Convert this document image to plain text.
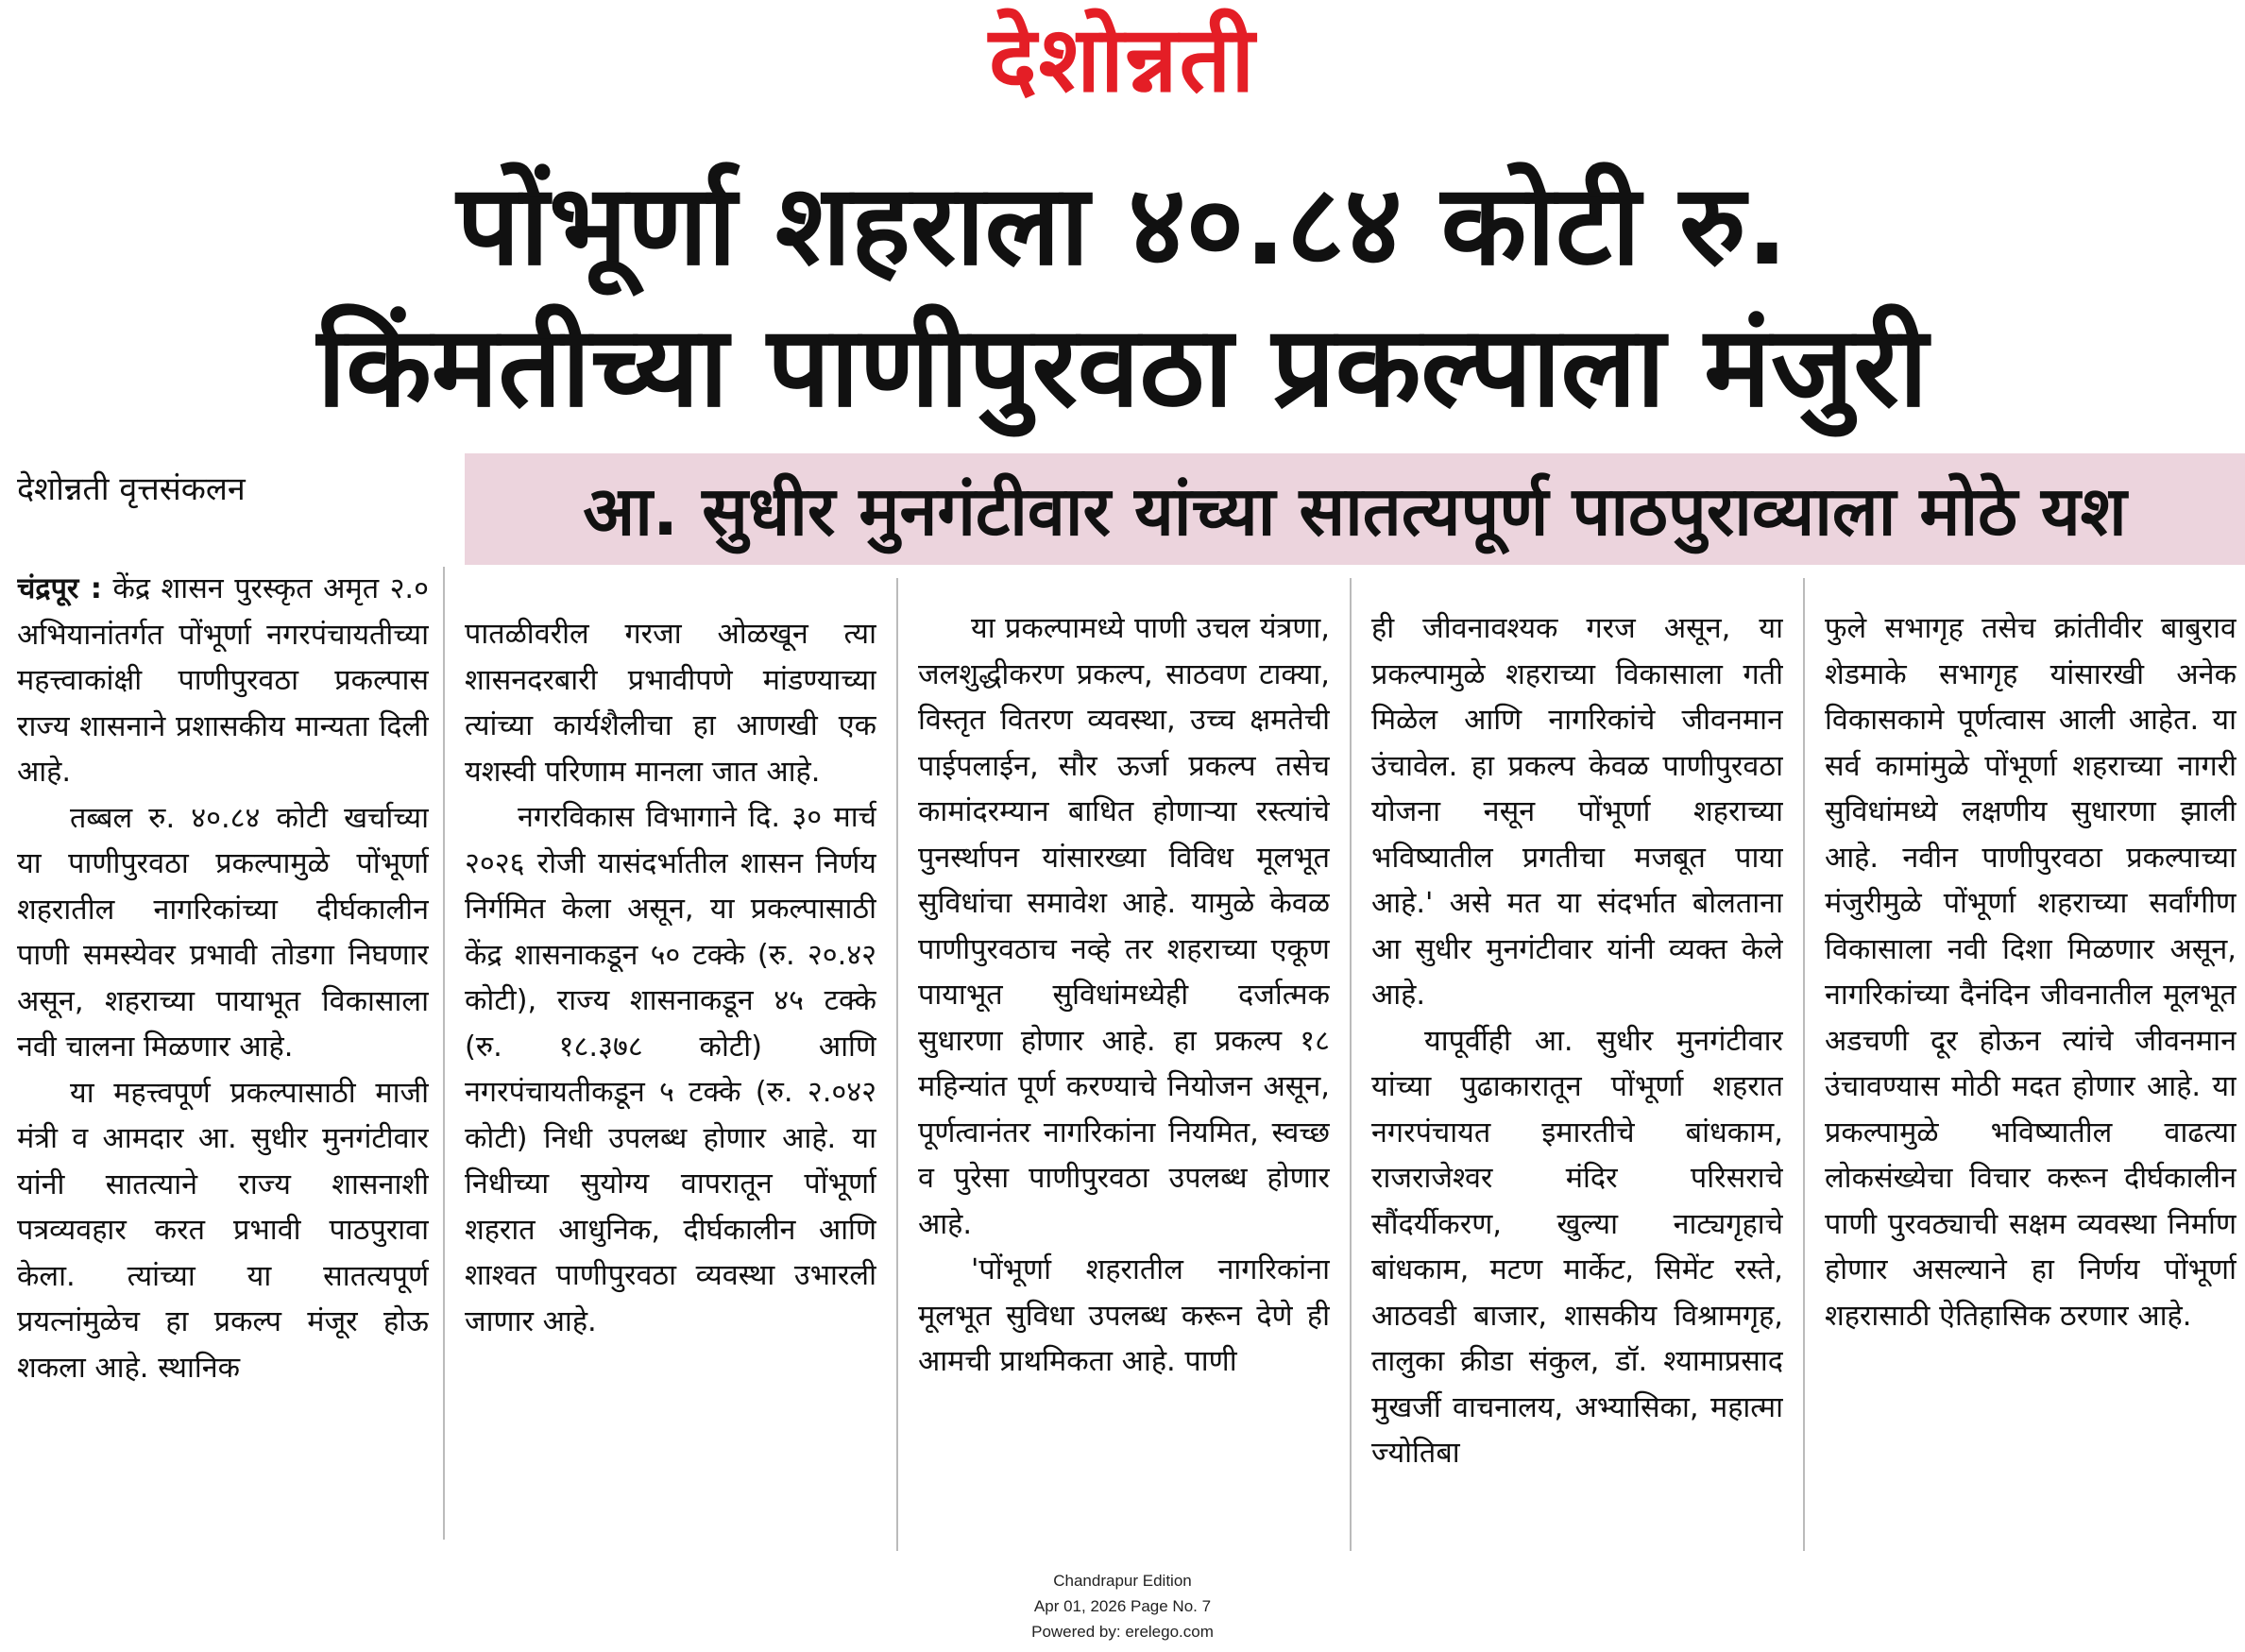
देशोन्नती
पोंभूर्णा शहराला ४०.८४ कोटी रु.
किंमतीच्या पाणीपुरवठा प्रकल्पाला मंजुरी
देशोन्नती वृत्तसंकलन	आ. सुधीर मुनगंटीवार यांच्या सातत्यपूर्ण पाठपुराव्याला मोठे यश

चंद्रपूर : केंद्र शासन पुरस्कृत अमृत २.० अभियानांतर्गत पोंभूर्णा नगरपंचायतीच्या महत्त्वाकांक्षी पाणीपुरवठा प्रकल्पास राज्य शासनाने प्रशासकीय मान्यता दिली आहे.

तब्बल रु. ४०.८४ कोटी खर्चाच्या या पाणीपुरवठा प्रकल्पामुळे पोंभूर्णा शहरातील नागरिकांच्या दीर्घकालीन पाणी समस्येवर प्रभावी तोडगा निघणार असून, शहराच्या पायाभूत विकासाला नवी चालना मिळणार आहे.

या महत्त्वपूर्ण प्रकल्पासाठी माजी मंत्री व आमदार आ. सुधीर मुनगंटीवार यांनी सातत्याने राज्य शासनाशी पत्रव्यवहार करत प्रभावी पाठपुरावा केला. त्यांच्या या सातत्यपूर्ण प्रयत्नांमुळेच हा प्रकल्प मंजूर होऊ शकला आहे. स्थानिक

पातळीवरील गरजा ओळखून त्या शासनदरबारी प्रभावीपणे मांडण्याच्या त्यांच्या कार्यशैलीचा हा आणखी एक यशस्वी परिणाम मानला जात आहे.

नगरविकास विभागाने दि. ३० मार्च २०२६ रोजी यासंदर्भातील शासन निर्णय निर्गमित केला असून, या प्रकल्पासाठी केंद्र शासनाकडून ५० टक्के (रु. २०.४२ कोटी), राज्य शासनाकडून ४५ टक्के (रु. १८.३७८ कोटी) आणि नगरपंचायतीकडून ५ टक्के (रु. २.०४२ कोटी) निधी उपलब्ध होणार आहे. या निधीच्या सुयोग्य वापरातून पोंभूर्णा शहरात आधुनिक, दीर्घकालीन आणि शाश्वत पाणीपुरवठा व्यवस्था उभारली जाणार आहे.

या प्रकल्पामध्ये पाणी उचल यंत्रणा, जलशुद्धीकरण प्रकल्प, साठवण टाक्या, विस्तृत वितरण व्यवस्था, उच्च क्षमतेची पाईपलाईन, सौर ऊर्जा प्रकल्प तसेच कामांदरम्यान बाधित होणाऱ्या रस्त्यांचे पुनर्स्थापन यांसारख्या विविध मूलभूत सुविधांचा समावेश आहे. यामुळे केवळ पाणीपुरवठाच नव्हे तर शहराच्या एकूण पायाभूत सुविधांमध्येही दर्जात्मक सुधारणा होणार आहे. हा प्रकल्प १८ महिन्यांत पूर्ण करण्याचे नियोजन असून, पूर्णत्वानंतर नागरिकांना नियमित, स्वच्छ व पुरेसा पाणीपुरवठा उपलब्ध होणार आहे.

'पोंभूर्णा शहरातील नागरिकांना मूलभूत सुविधा उपलब्ध करून देणे ही आमची प्राथमिकता आहे. पाणी

ही जीवनावश्यक गरज असून, या प्रकल्पामुळे शहराच्या विकासाला गती मिळेल आणि नागरिकांचे जीवनमान उंचावेल. हा प्रकल्प केवळ पाणीपुरवठा योजना नसून पोंभूर्णा शहराच्या भविष्यातील प्रगतीचा मजबूत पाया आहे.' असे मत या संदर्भात बोलताना आ सुधीर मुनगंटीवार यांनी व्यक्त केले आहे.

यापूर्वीही आ. सुधीर मुनगंटीवार यांच्या पुढाकारातून पोंभूर्णा शहरात नगरपंचायत इमारतीचे बांधकाम, राजराजेश्वर मंदिर परिसराचे सौंदर्यीकरण, खुल्या नाट्यगृहाचे बांधकाम, मटण मार्केट, सिमेंट रस्ते, आठवडी बाजार, शासकीय विश्रामगृह, तालुका क्रीडा संकुल, डॉ. श्यामाप्रसाद मुखर्जी वाचनालय, अभ्यासिका, महात्मा ज्योतिबा

फुले सभागृह तसेच क्रांतीवीर बाबुराव शेडमाके सभागृह यांसारखी अनेक विकासकामे पूर्णत्वास आली आहेत. या सर्व कामांमुळे पोंभूर्णा शहराच्या नागरी सुविधांमध्ये लक्षणीय सुधारणा झाली आहे. नवीन पाणीपुरवठा प्रकल्पाच्या मंजुरीमुळे पोंभूर्णा शहराच्या सर्वांगीण विकासाला नवी दिशा मिळणार असून, नागरिकांच्या दैनंदिन जीवनातील मूलभूत अडचणी दूर होऊन त्यांचे जीवनमान उंचावण्यास मोठी मदत होणार आहे. या प्रकल्पामुळे भविष्यातील वाढत्या लोकसंख्येचा विचार करून दीर्घकालीन पाणी पुरवठ्याची सक्षम व्यवस्था निर्माण होणार असल्याने हा निर्णय पोंभूर्णा शहरासाठी ऐतिहासिक ठरणार आहे.

Chandrapur Edition
Apr 01, 2026 Page No. 7
Powered by: erelego.com
